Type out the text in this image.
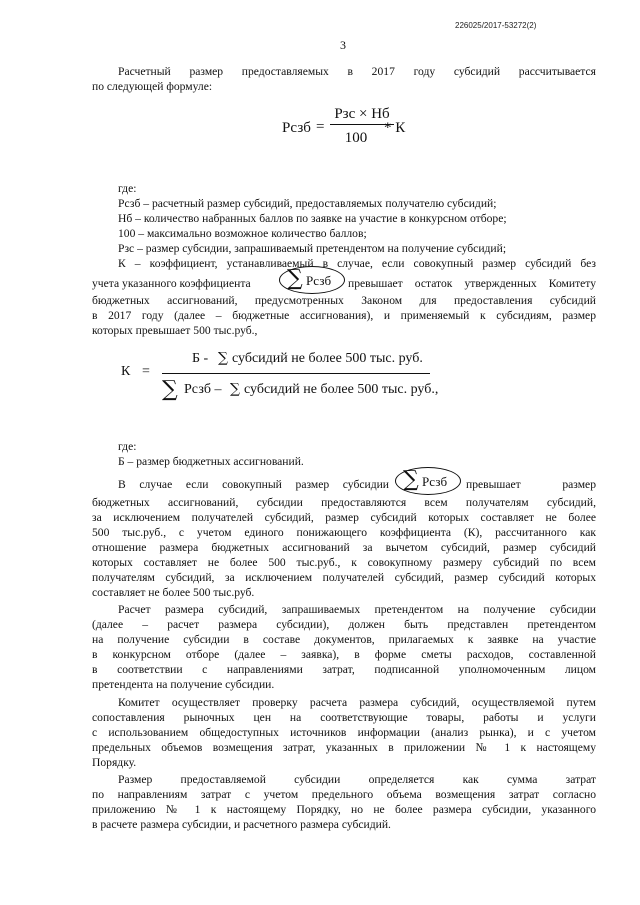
226025/2017-53272(2)
3
Расчетный размер предоставляемых в 2017 году субсидий рассчитывается
по следующей формуле:
Рсзб =
Рзс × Нб
100
* К
где:
Рсзб – расчетный размер субсидий, предоставляемых получателю субсидий;
Нб – количество набранных баллов по заявке на участие в конкурсном отборе;
100 – максимально возможное количество баллов;
Рзс – размер субсидии, запрашиваемый претендентом на получение субсидий;
К – коэффициент, устанавливаемый в случае, если совокупный размер субсидий без
учета указанного коэффициента ∑ Рсзб превышает остаток утвержденных Комитету
бюджетных ассигнований, предусмотренных Законом для предоставления субсидий
в 2017 году (далее – бюджетные ассигнования), и применяемый к субсидиям, размер
которых превышает 500 тыс.руб.,
К =
Б - ∑ субсидий не более 500 тыс. руб.
∑ Рсзб – ∑ субсидий не более 500 тыс. руб.,
где:
Б – размер бюджетных ассигнований.
В случае если совокупный размер субсидии ∑ Рсзб превышает размер
бюджетных ассигнований, субсидии предоставляются всем получателям субсидий,
за исключением получателей субсидий, размер субсидий которых составляет не более
500 тыс.руб., с учетом единого понижающего коэффициента (К), рассчитанного как
отношение размера бюджетных ассигнований за вычетом субсидий, размер субсидий
которых составляет не более 500 тыс.руб., к совокупному размеру субсидий по всем
получателям субсидий, за исключением получателей субсидий, размер субсидий которых
составляет не более 500 тыс.руб.
Расчет размера субсидий, запрашиваемых претендентом на получение субсидии
(далее – расчет размера субсидии), должен быть представлен претендентом
на получение субсидии в составе документов, прилагаемых к заявке на участие
в конкурсном отборе (далее – заявка), в форме сметы расходов, составленной
в соответствии с направлениями затрат, подписанной уполномоченным лицом
претендента на получение субсидии.
Комитет осуществляет проверку расчета размера субсидий, осуществляемой путем
сопоставления рыночных цен на соответствующие товары, работы и услуги
с использованием общедоступных источников информации (анализ рынка), и с учетом
предельных объемов возмещения затрат, указанных в приложении № 1 к настоящему
Порядку.
Размер предоставляемой субсидии определяется как сумма затрат
по направлениям затрат с учетом предельного объема возмещения затрат согласно
приложению № 1 к настоящему Порядку, но не более размера субсидии, указанного
в расчете размера субсидии, и расчетного размера субсидий.
